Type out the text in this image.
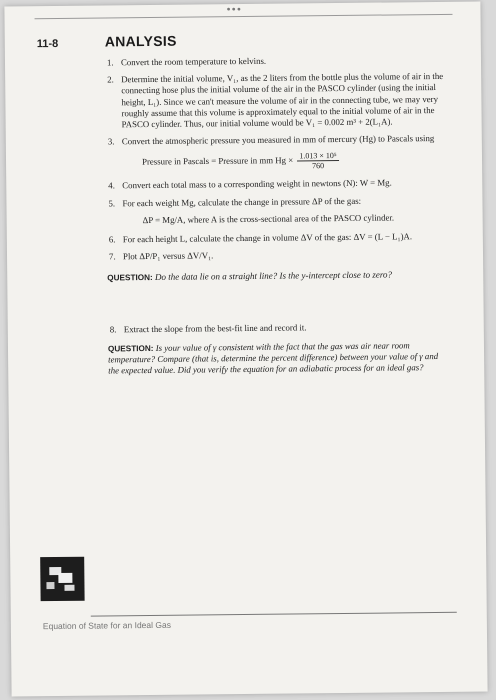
•••
11-8	ANALYSIS
1. Convert the room temperature to kelvins.
2. Determine the initial volume, V₁, as the 2 liters from the bottle plus the volume of air in the connecting hose plus the initial volume of the air in the PASCO cylinder (using the initial height, L₁). Since we can't measure the volume of air in the connecting tube, we may very roughly assume that this volume is approximately equal to the initial volume of air in the PASCO cylinder. Thus, our initial volume would be V₁ = 0.002 m³ + 2(L₁A).
3. Convert the atmospheric pressure you measured in mm of mercury (Hg) to Pascals using
Pressure in Pascals = Pressure in mm $Hg \times \frac{\text{1.013 × 10⁵}}{760}$
4. Convert each total mass to a corresponding weight in newtons (N): W = Mg.
5. For each weight Mg, calculate the change in pressure ΔP of the gas:
ΔP = Mg/A, where A is the cross-sectional area of the PASCO cylinder.
6. For each height L, calculate the change in volume ΔV of the gas: ΔV = (L − L₁)A.
7. Plot ΔP/P₁ versus ΔV/V₁.
QUESTION: Do the data lie on a straight line? Is the y-intercept close to zero?
8. Extract the slope from the best-fit line and record it.
QUESTION: Is your value of γ consistent with the fact that the gas was air near room temperature? Compare (that is, determine the percent difference) between your value of γ and the expected value. Did you verify the equation for an adiabatic process for an ideal gas?
Equation of State for an Ideal Gas
